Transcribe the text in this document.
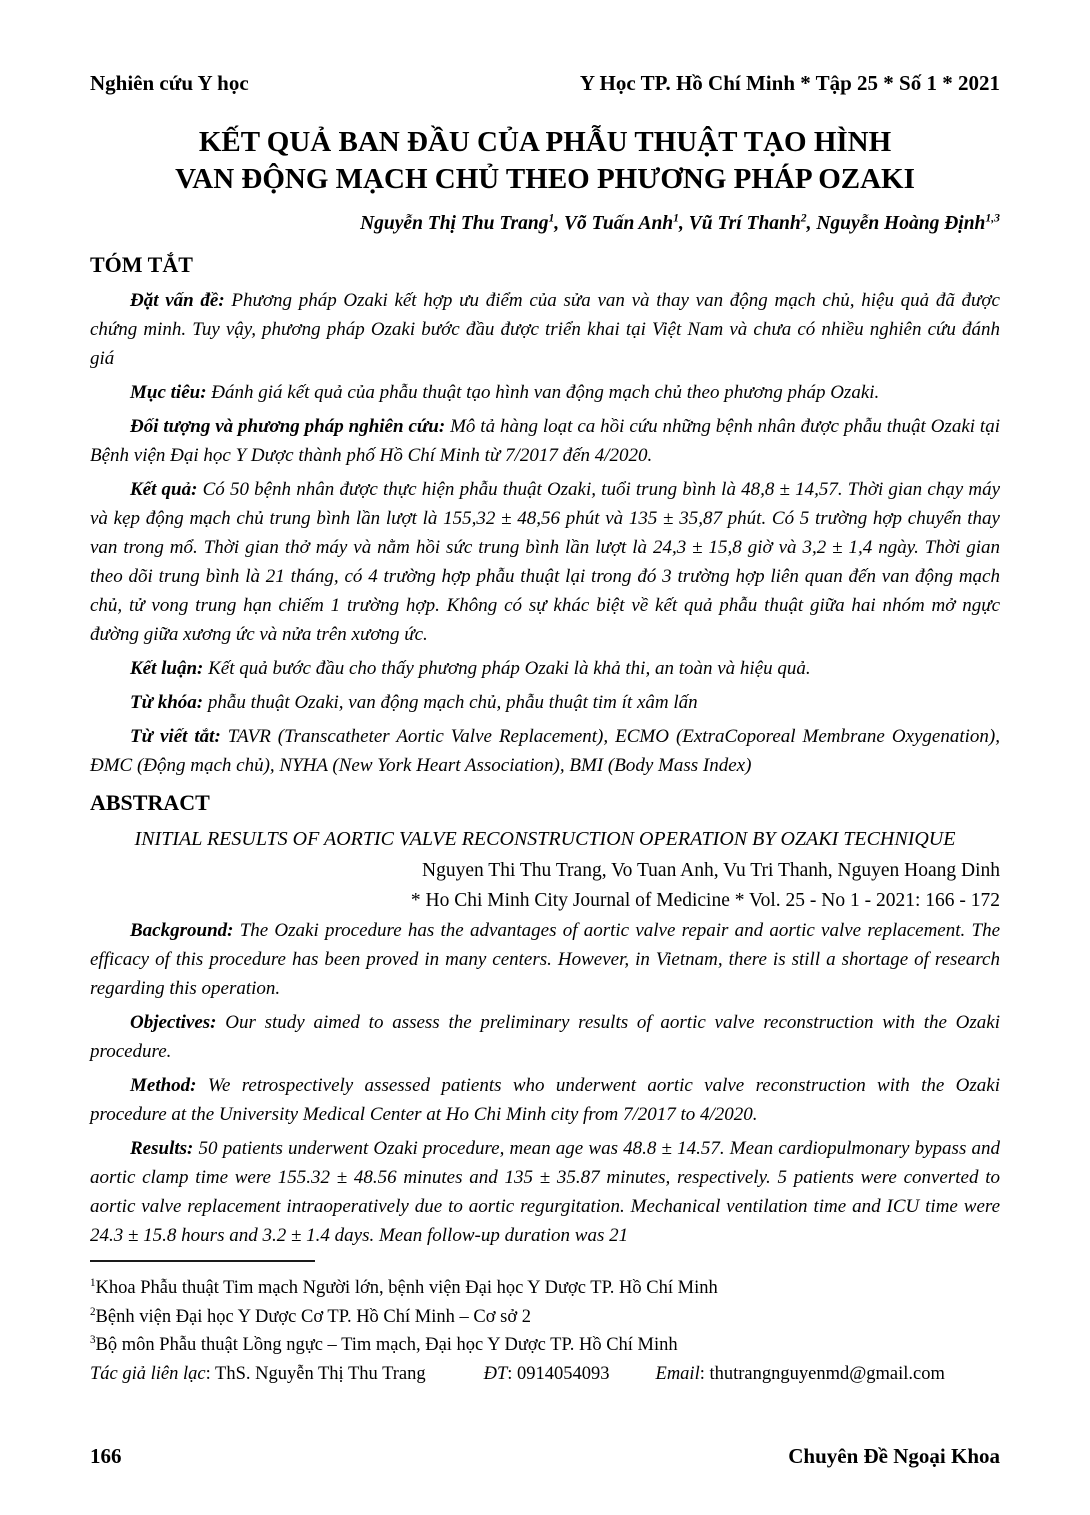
Nghiên cứu Y học	Y Học TP. Hồ Chí Minh * Tập 25 * Số 1 * 2021
KẾT QUẢ BAN ĐẦU CỦA PHẪU THUẬT TẠO HÌNH
VAN ĐỘNG MẠCH CHỦ THEO PHƯƠNG PHÁP OZAKI

Nguyễn Thị Thu Trang$^1$, Võ Tuấn Anh$^1$, Vũ Trí Thanh$^2$, Nguyễn Hoàng Định$^{1,3}$

TÓM TẮT

Đặt vấn đề: Phương pháp Ozaki kết hợp ưu điểm của sửa van và thay van động mạch chủ, hiệu quả đã được chứng minh. Tuy vậy, phương pháp Ozaki bước đầu được triển khai tại Việt Nam và chưa có nhiều nghiên cứu đánh giá

Mục tiêu: Đánh giá kết quả của phẫu thuật tạo hình van động mạch chủ theo phương pháp Ozaki.

Đối tượng và phương pháp nghiên cứu: Mô tả hàng loạt ca hồi cứu những bệnh nhân được phẫu thuật Ozaki tại Bệnh viện Đại học Y Dược thành phố Hồ Chí Minh từ 7/2017 đến 4/2020.

Kết quả: Có 50 bệnh nhân được thực hiện phẫu thuật Ozaki, tuổi trung bình là 48,8 ± 14,57. Thời gian chạy máy và kẹp động mạch chủ trung bình lần lượt là 155,32 ± 48,56 phút và 135 ± 35,87 phút. Có 5 trường hợp chuyển thay van trong mổ. Thời gian thở máy và nằm hồi sức trung bình lần lượt là 24,3 ± 15,8 giờ và 3,2 ± 1,4 ngày. Thời gian theo dõi trung bình là 21 tháng, có 4 trường hợp phẫu thuật lại trong đó 3 trường hợp liên quan đến van động mạch chủ, tử vong trung hạn chiếm 1 trường hợp. Không có sự khác biệt về kết quả phẫu thuật giữa hai nhóm mở ngực đường giữa xương ức và nửa trên xương ức.

Kết luận: Kết quả bước đầu cho thấy phương pháp Ozaki là khả thi, an toàn và hiệu quả.

Từ khóa: phẫu thuật Ozaki, van động mạch chủ, phẫu thuật tim ít xâm lấn

Từ viết tắt: TAVR (Transcatheter Aortic Valve Replacement), ECMO (ExtraCoporeal Membrane Oxygenation), ĐMC (Động mạch chủ), NYHA (New York Heart Association), BMI (Body Mass Index)

ABSTRACT

INITIAL RESULTS OF AORTIC VALVE RECONSTRUCTION OPERATION BY OZAKI TECHNIQUE

Nguyen Thi Thu Trang, Vo Tuan Anh, Vu Tri Thanh, Nguyen Hoang Dinh

* Ho Chi Minh City Journal of Medicine * Vol. 25 - No 1 - 2021: 166 - 172

Background: The Ozaki procedure has the advantages of aortic valve repair and aortic valve replacement. The efficacy of this procedure has been proved in many centers. However, in Vietnam, there is still a shortage of research regarding this operation.

Objectives: Our study aimed to assess the preliminary results of aortic valve reconstruction with the Ozaki procedure.

Method: We retrospectively assessed patients who underwent aortic valve reconstruction with the Ozaki procedure at the University Medical Center at Ho Chi Minh city from 7/2017 to 4/2020.

Results: 50 patients underwent Ozaki procedure, mean age was 48.8 ± 14.57. Mean cardiopulmonary bypass and aortic clamp time were 155.32 ± 48.56 minutes and 135 ± 35.87 minutes, respectively. 5 patients were converted to aortic valve replacement intraoperatively due to aortic regurgitation. Mechanical ventilation time and ICU time were 24.3 ± 15.8 hours and 3.2 ± 1.4 days. Mean follow-up duration was 21

$^1$Khoa Phẫu thuật Tim mạch Người lớn, bệnh viện Đại học Y Dược TP. Hồ Chí Minh

$^2$Bệnh viện Đại học Y Dược Cơ TP. Hồ Chí Minh – Cơ sở 2

$^3$Bộ môn Phẫu thuật Lồng ngực – Tim mạch, Đại học Y Dược TP. Hồ Chí Minh

Tác giả liên lạc: ThS. Nguyễn Thị Thu Trang	ĐT: 0914054093 Email: thutrangnguyenmd@gmail.com

166	Chuyên Đề Ngoại Khoa
